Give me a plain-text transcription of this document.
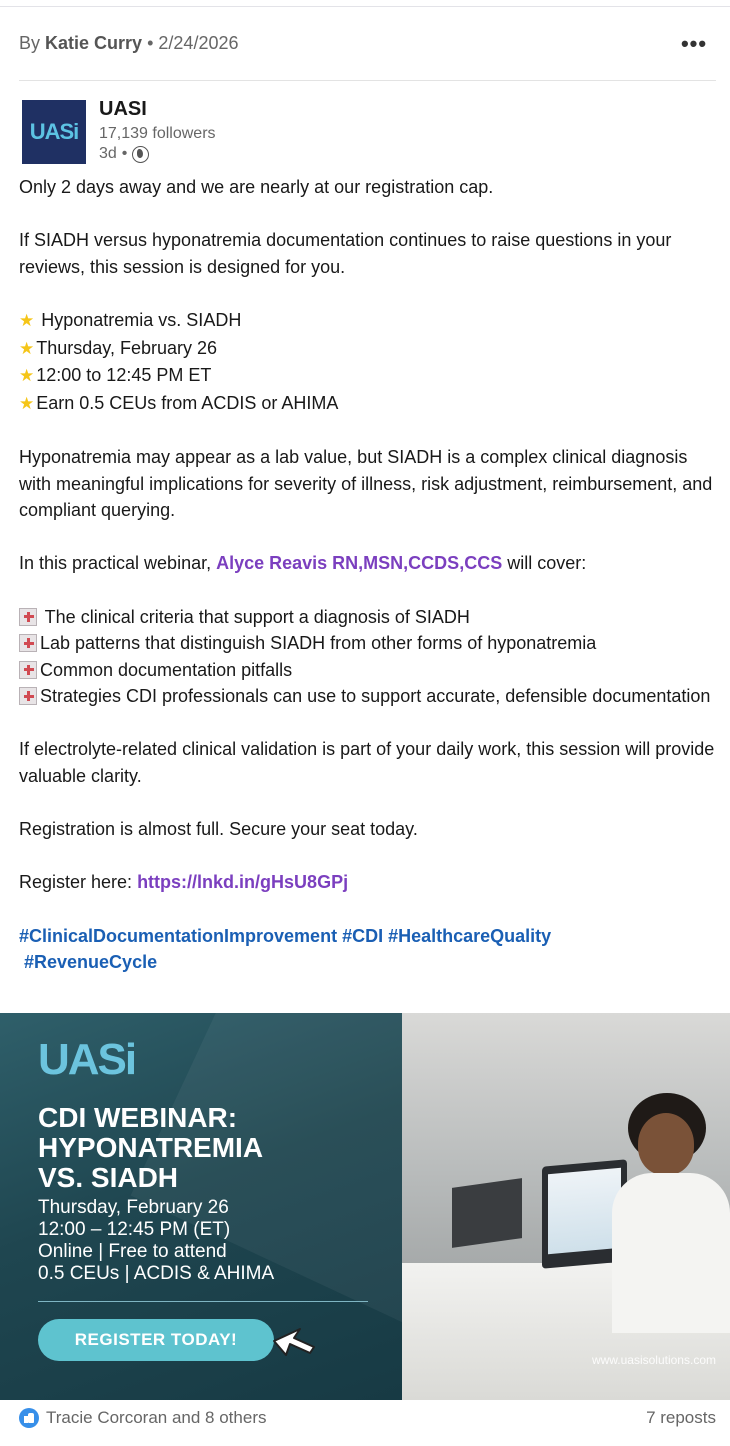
By Katie Curry • 2/24/2026	•••
UASi
UASI
17,139 followers
3d •

Only 2 days away and we are nearly at our registration cap.

If SIADH versus hyponatremia documentation continues to raise questions in your reviews, this session is designed for you.

★ Hyponatremia vs. SIADH

★ Thursday, February 26

★ 12:00 to 12:45 PM ET

★ Earn 0.5 CEUs from ACDIS or AHIMA

Hyponatremia may appear as a lab value, but SIADH is a complex clinical diagnosis with meaningful implications for severity of illness, risk adjustment, reimbursement, and compliant querying.

In this practical webinar, Alyce Reavis RN,MSN,CCDS,CCS will cover:

The clinical criteria that support a diagnosis of SIADH

Lab patterns that distinguish SIADH from other forms of hyponatremia

Common documentation pitfalls

Strategies CDI professionals can use to support accurate, defensible documentation

If electrolyte-related clinical validation is part of your daily work, this session will provide valuable clarity.

Registration is almost full. Secure your seat today.

Register here: https://lnkd.in/gHsU8GPj

#ClinicalDocumentationImprovement #CDI #HealthcareQuality

#RevenueCycle

UASi
CDI WEBINAR:
HYPONATREMIA
VS. SIADH
Thursday, February 26
12:00 – 12:45 PM (ET)
Online | Free to attend
0.5 CEUs | ACDIS & AHIMA
REGISTER TODAY!
www.uasisolutions.com
Tracie Corcoran and 8 others	7 reposts
